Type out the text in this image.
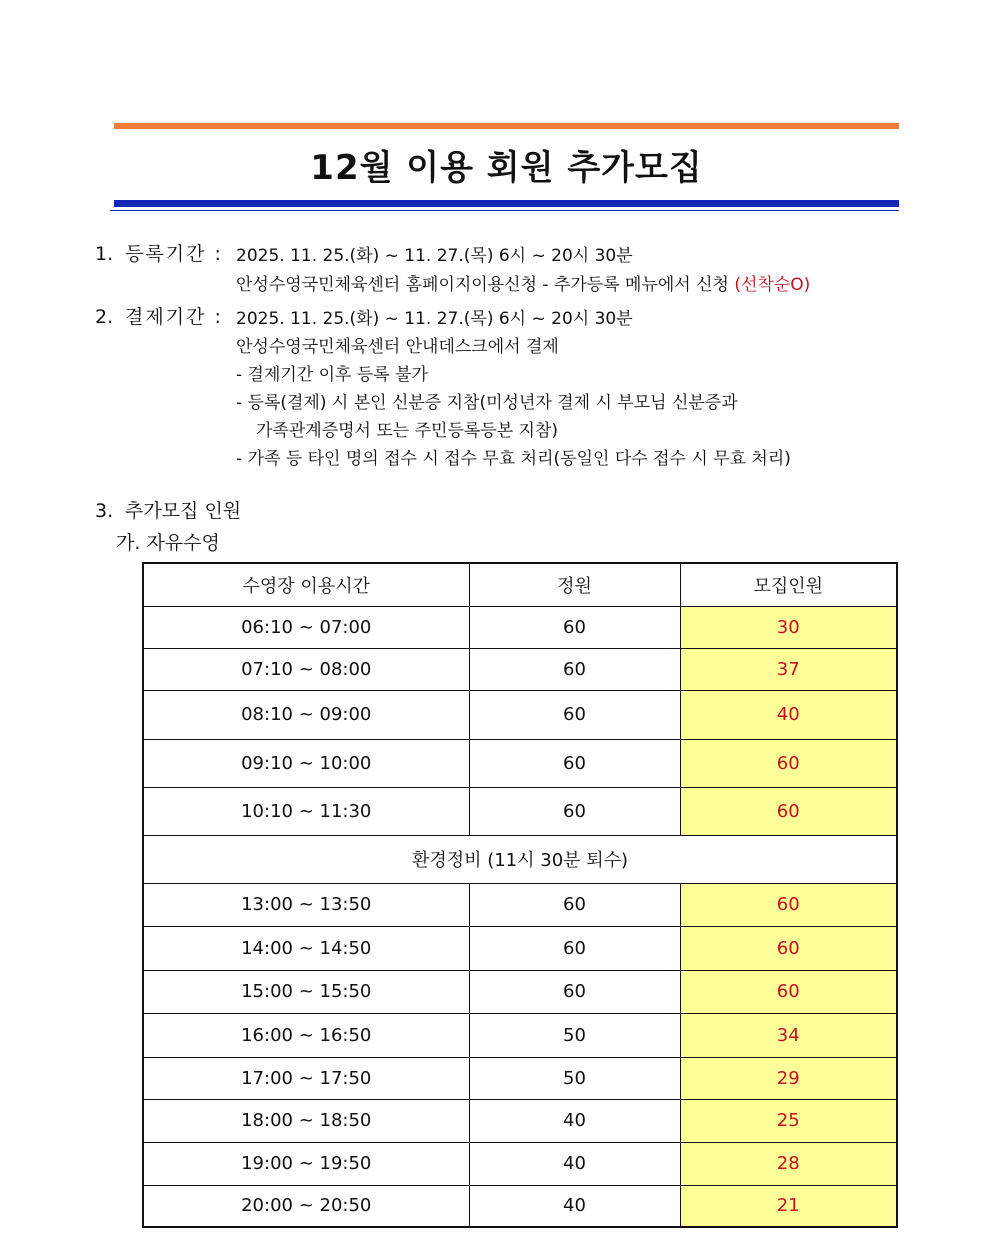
12월 이용 회원 추가모집
1. 등록기간 : 2025. 11. 25.(화) ~ 11. 27.(목) 6시 ~ 20시 30분
안성수영국민체육센터 홈페이지이용신청 - 추가등록 메뉴에서 신청 (선착순O)
2. 결제기간 : 2025. 11. 25.(화) ~ 11. 27.(목) 6시 ~ 20시 30분
안성수영국민체육센터 안내데스크에서 결제
- 결제기간 이후 등록 불가
- 등록(결제) 시 본인 신분증 지참(미성년자 결제 시 부모님 신분증과
가족관계증명서 또는 주민등록등본 지참)
- 가족 등 타인 명의 접수 시 접수 무효 처리(동일인 다수 접수 시 무효 처리)
3. 추가모집 인원
가. 자유수영
수영장 이용시간	정원	모집인원
06:10 ~ 07:00	60	30
07:10 ~ 08:00	60	37
08:10 ~ 09:00	60	40
09:10 ~ 10:00	60	60
10:10 ~ 11:30	60	60
환경정비 (11시 30분 퇴수)		
13:00 ~ 13:50	60	60
14:00 ~ 14:50	60	60
15:00 ~ 15:50	60	60
16:00 ~ 16:50	50	34
17:00 ~ 17:50	50	29
18:00 ~ 18:50	40	25
19:00 ~ 19:50	40	28
20:00 ~ 20:50	40	21
